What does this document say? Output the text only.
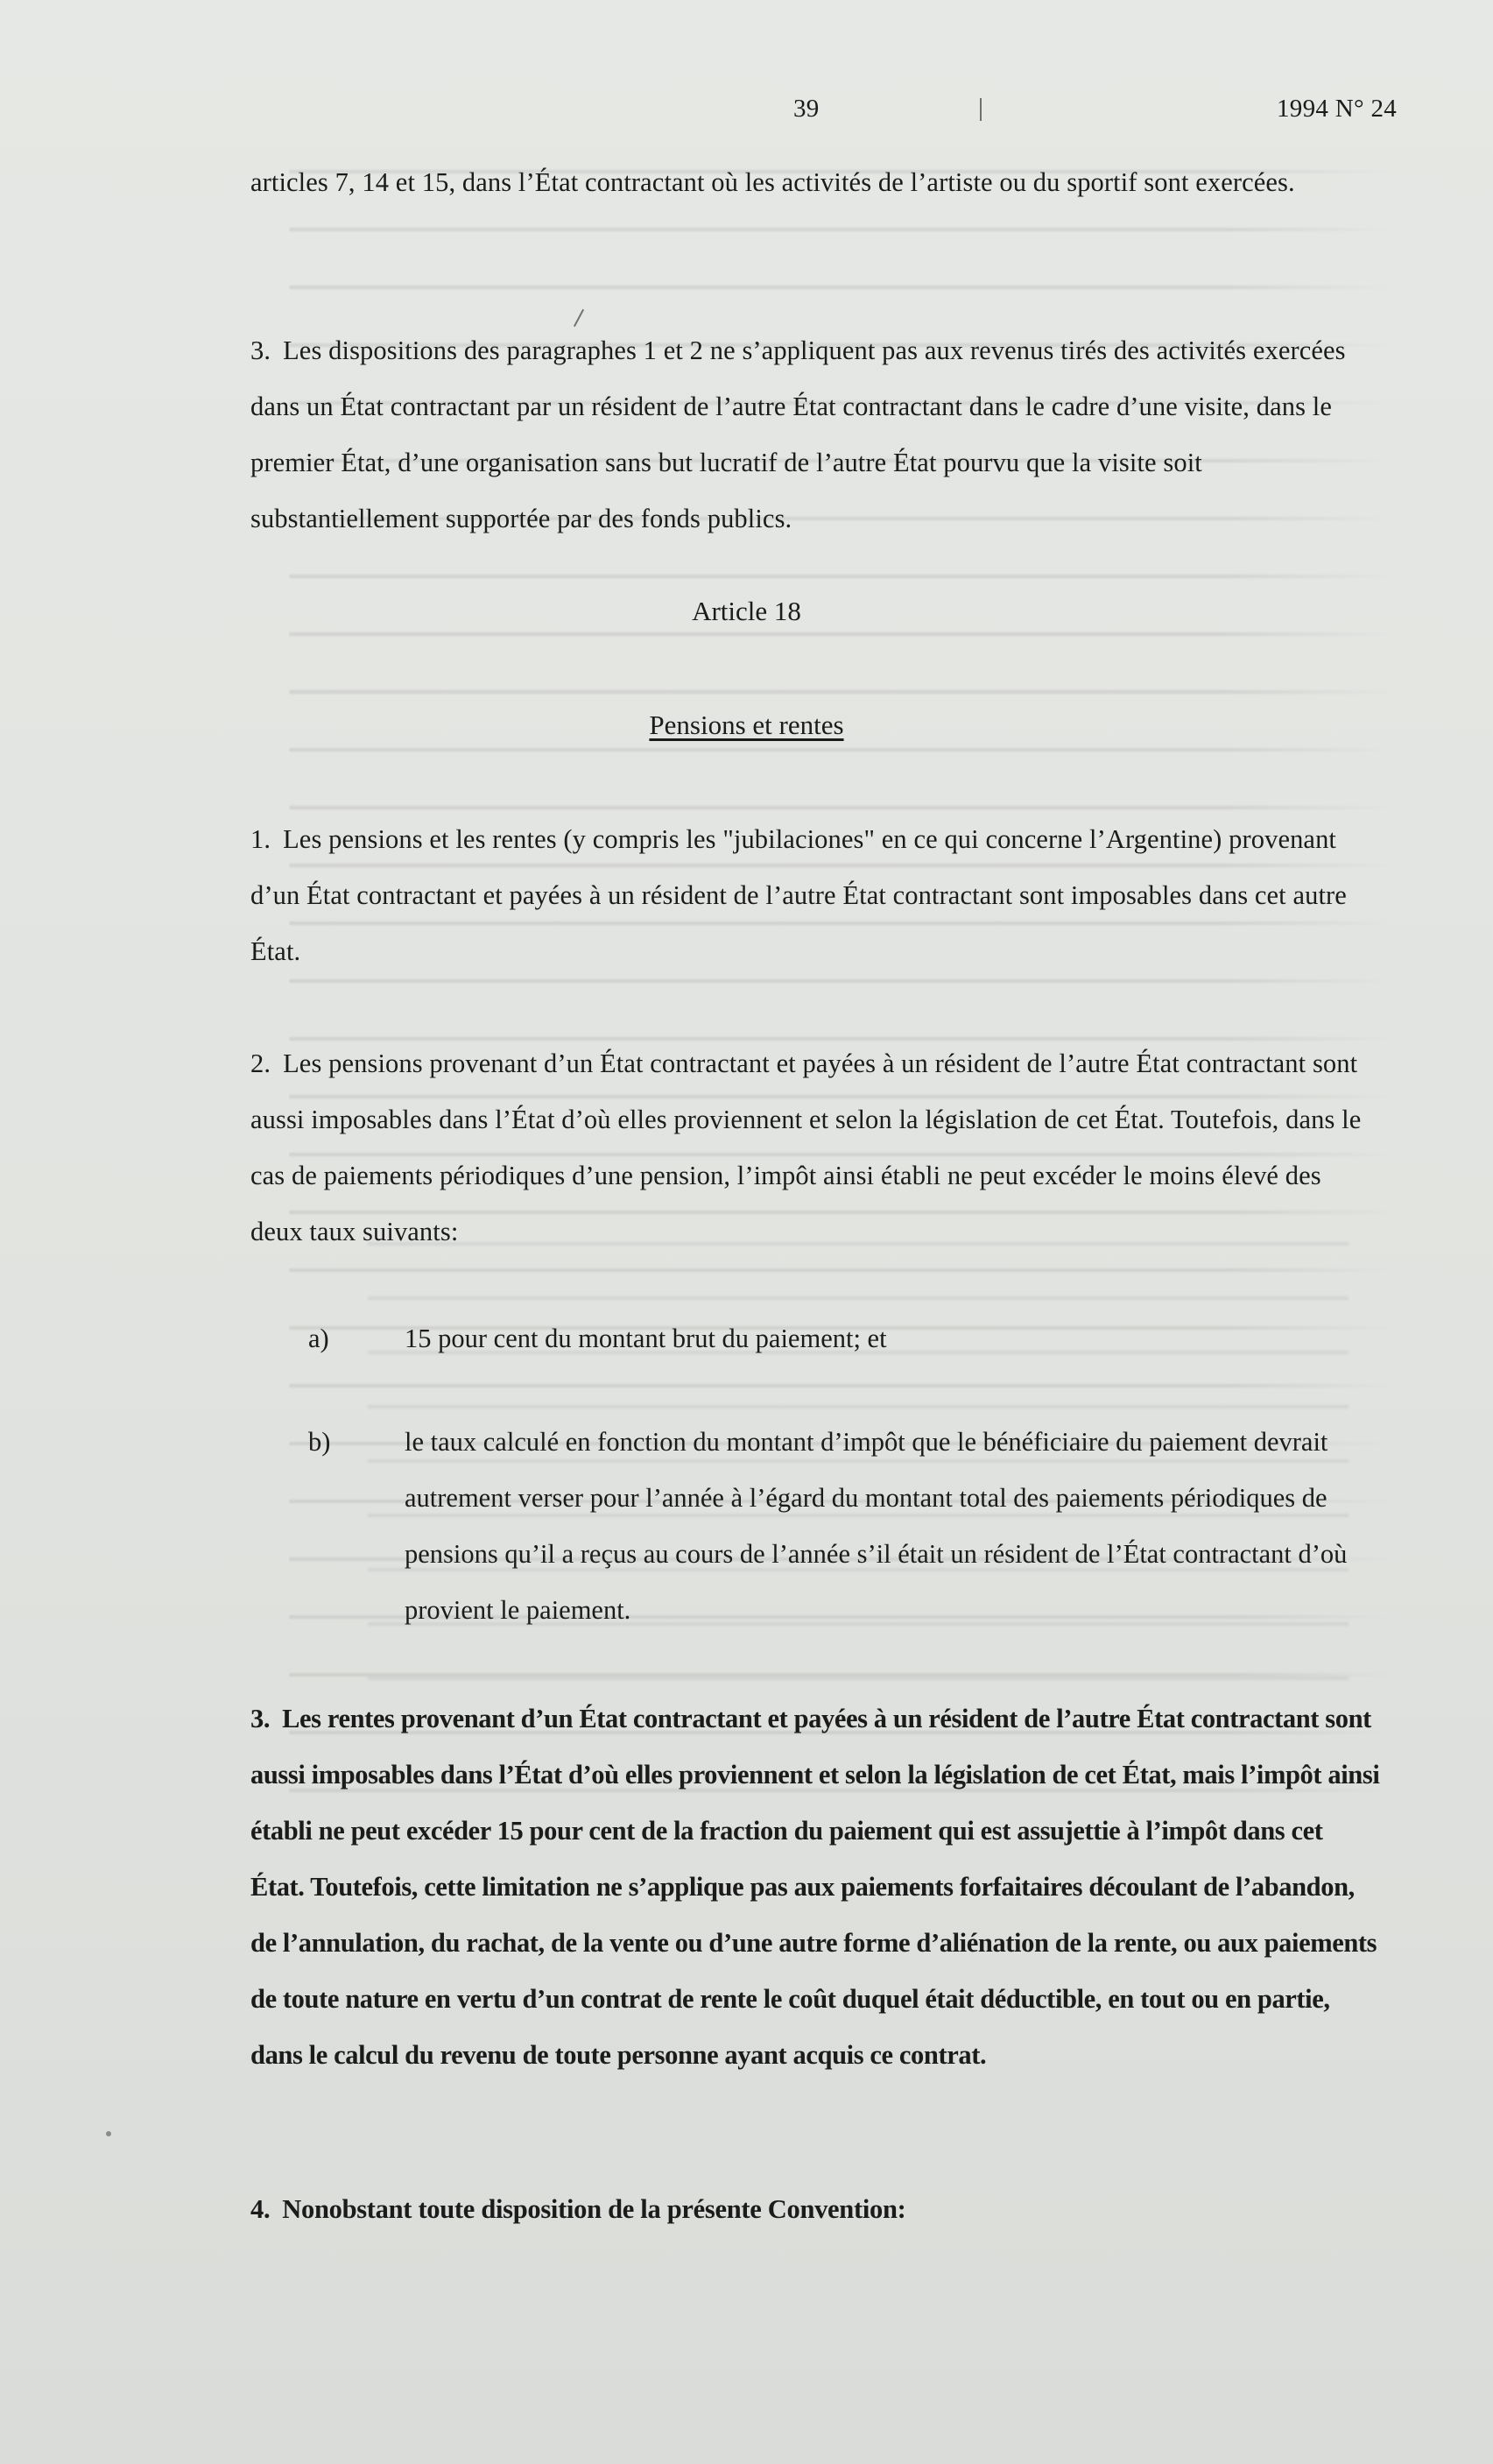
39	1994 N° 24
articles 7, 14 et 15, dans l’État contractant où les activités de l’artiste ou du sportif sont exercées.
3. Les dispositions des paragraphes 1 et 2 ne s’appliquent pas aux revenus tirés des activités exercées dans un État contractant par un résident de l’autre État contractant dans le cadre d’une visite, dans le premier État, d’une organisation sans but lucratif de l’autre État pourvu que la visite soit substantiellement supportée par des fonds publics.
Article 18
Pensions et rentes
1. Les pensions et les rentes (y compris les "jubilaciones" en ce qui concerne l’Argentine) provenant d’un État contractant et payées à un résident de l’autre État contractant sont imposables dans cet autre État.
2. Les pensions provenant d’un État contractant et payées à un résident de l’autre État contractant sont aussi imposables dans l’État d’où elles proviennent et selon la législation de cet État. Toutefois, dans le cas de paiements périodiques d’une pension, l’impôt ainsi établi ne peut excéder le moins élevé des deux taux suivants:
a)	15 pour cent du montant brut du paiement; et
b)	le taux calculé en fonction du montant d’impôt que le bénéficiaire du paiement devrait autrement verser pour l’année à l’égard du montant total des paiements périodiques de pensions qu’il a reçus au cours de l’année s’il était un résident de l’État contractant d’où provient le paiement.
3. Les rentes provenant d’un État contractant et payées à un résident de l’autre État contractant sont aussi imposables dans l’État d’où elles proviennent et selon la législation de cet État, mais l’impôt ainsi établi ne peut excéder 15 pour cent de la fraction du paiement qui est assujettie à l’impôt dans cet État. Toutefois, cette limitation ne s’applique pas aux paiements forfaitaires découlant de l’abandon, de l’annulation, du rachat, de la vente ou d’une autre forme d’aliénation de la rente, ou aux paiements de toute nature en vertu d’un contrat de rente le coût duquel était déductible, en tout ou en partie, dans le calcul du revenu de toute personne ayant acquis ce contrat.
4. Nonobstant toute disposition de la présente Convention:
